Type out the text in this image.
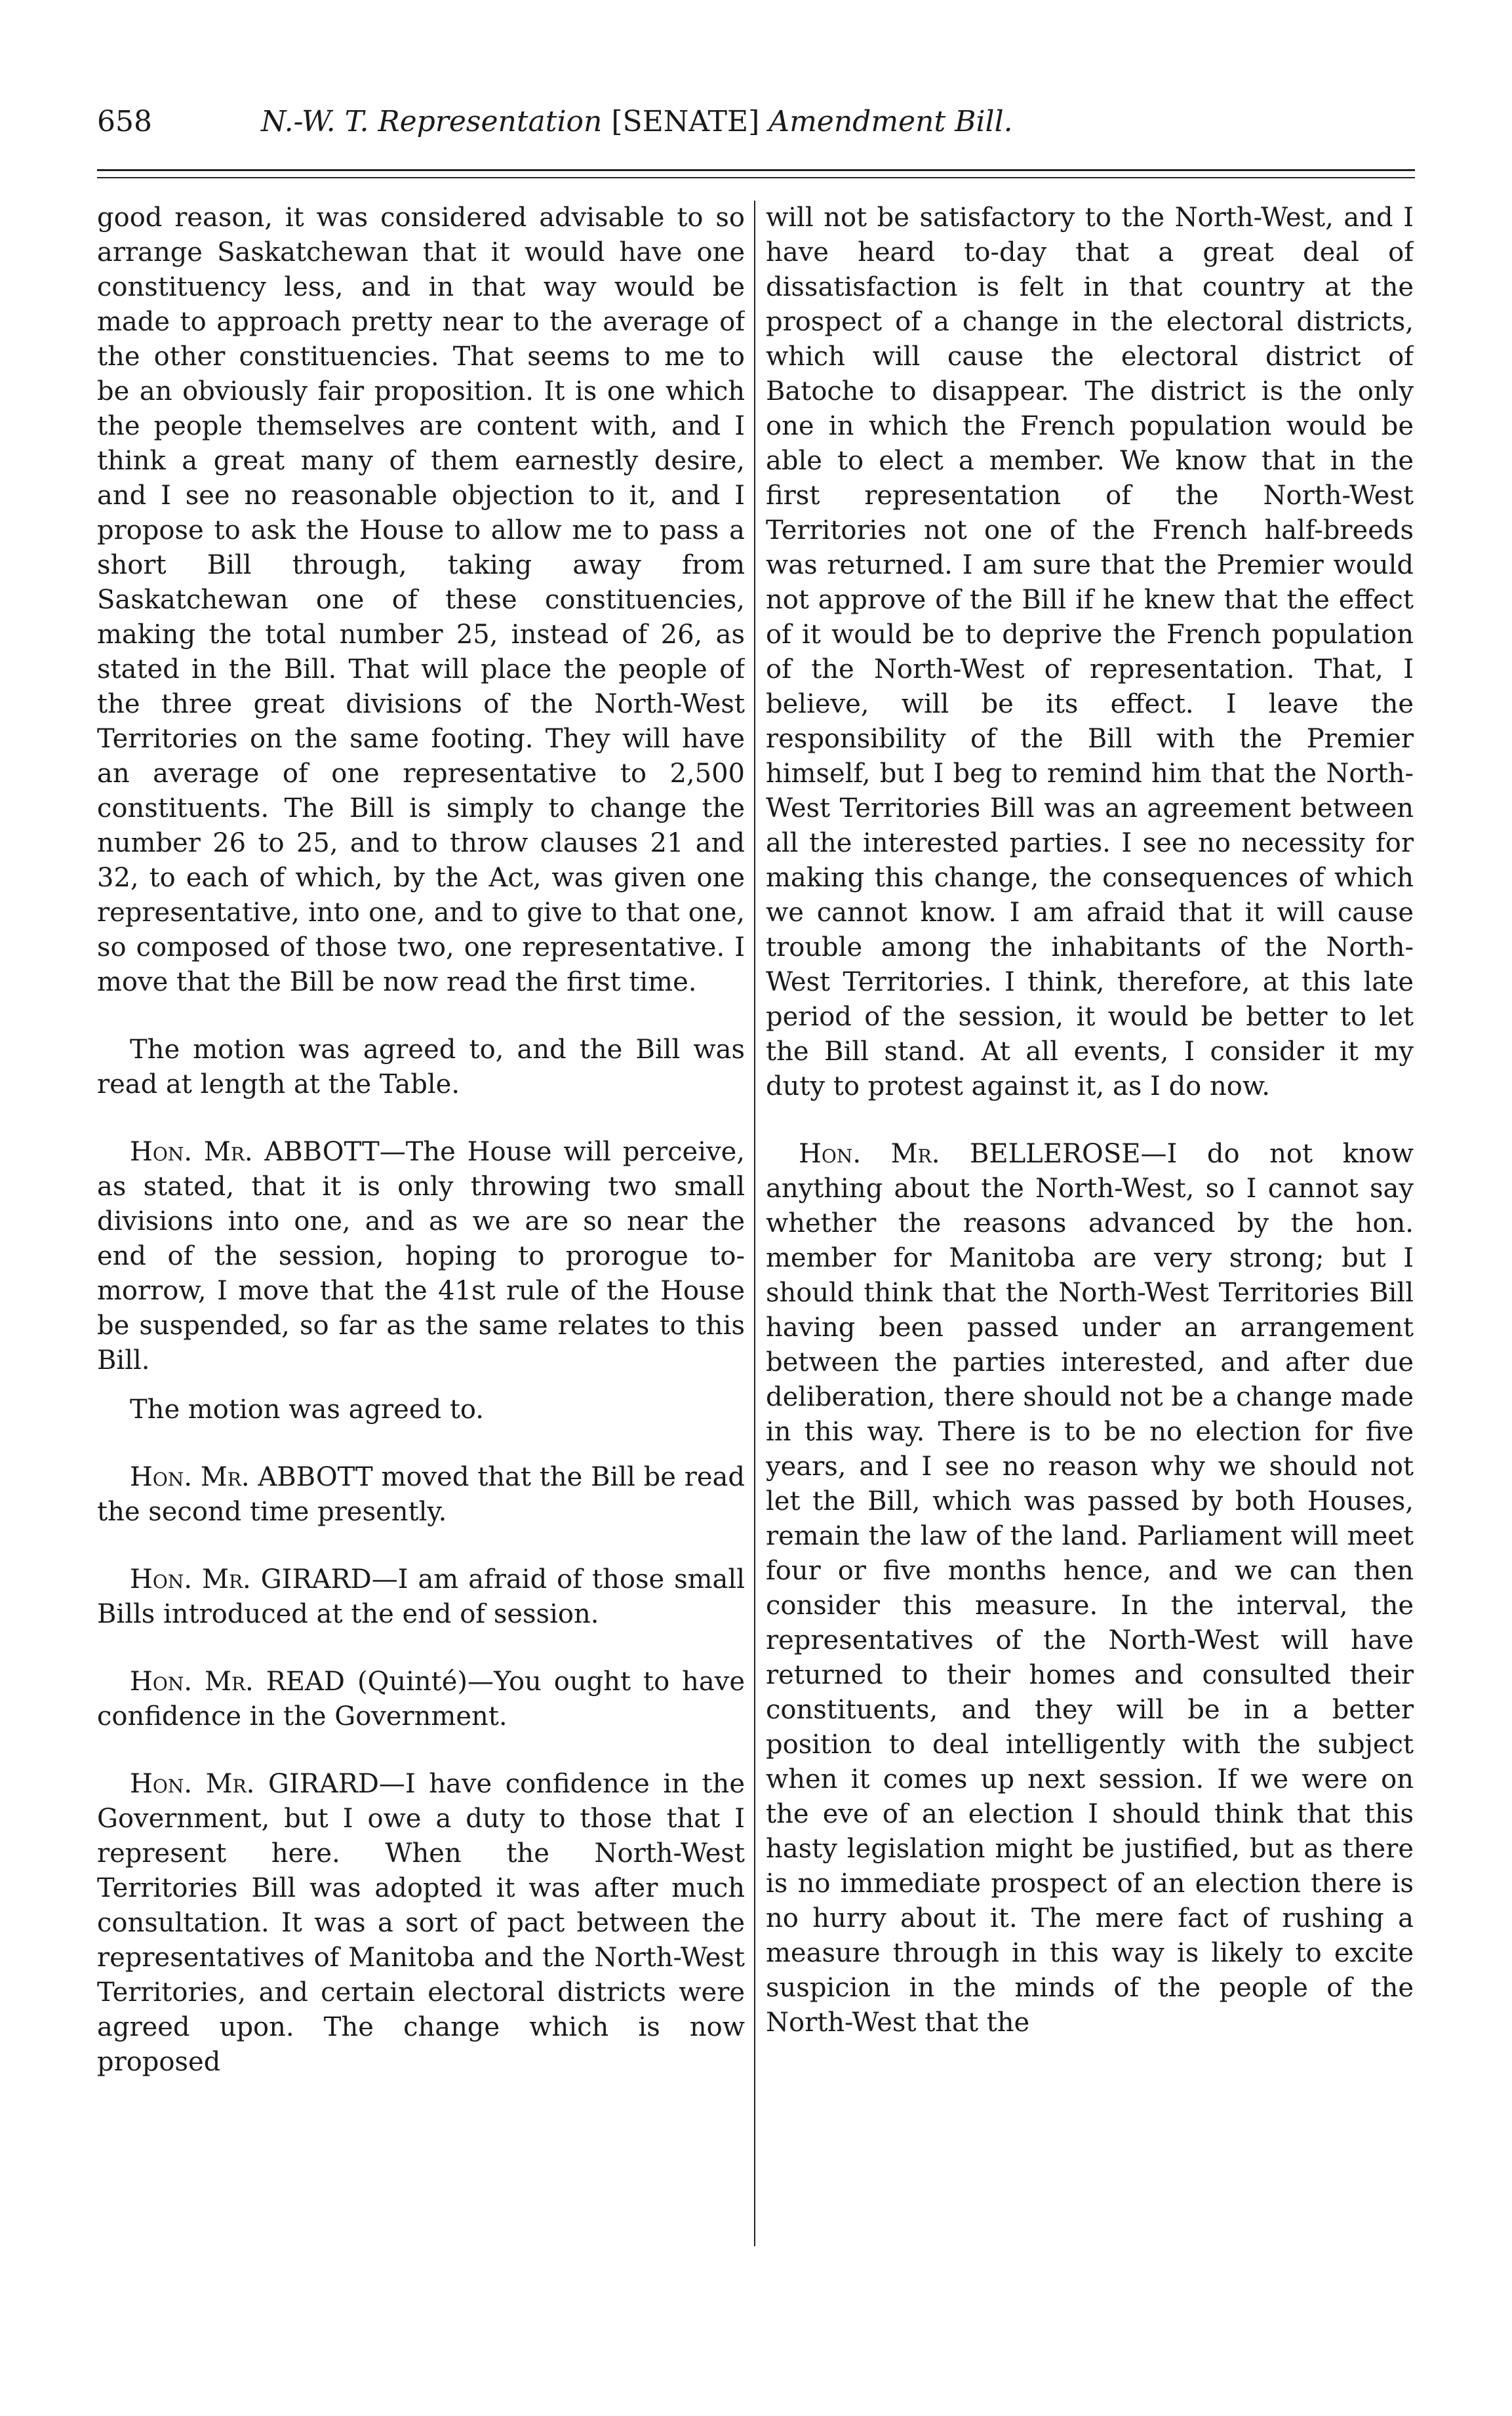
658	N.-W. T. Representation [SENATE] Amendment Bill.

good reason, it was considered advisable to so arrange Saskatchewan that it would have one constituency less, and in that way would be made to approach pretty near to the average of the other constituencies. That seems to me to be an obviously fair proposition. It is one which the people themselves are content with, and I think a great many of them earnestly desire, and I see no reasonable objection to it, and I propose to ask the House to allow me to pass a short Bill through, taking away from Saskatchewan one of these constituencies, making the total number 25, instead of 26, as stated in the Bill. That will place the people of the three great divisions of the North-West Territories on the same footing. They will have an average of one representative to 2,500 constituents. The Bill is simply to change the number 26 to 25, and to throw clauses 21 and 32, to each of which, by the Act, was given one representative, into one, and to give to that one, so composed of those two, one representative. I move that the Bill be now read the first time.

The motion was agreed to, and the Bill was read at length at the Table.

Hon. Mr. ABBOTT—The House will perceive, as stated, that it is only throwing two small divisions into one, and as we are so near the end of the session, hoping to prorogue to-morrow, I move that the 41st rule of the House be suspended, so far as the same relates to this Bill.

The motion was agreed to.

Hon. Mr. ABBOTT moved that the Bill be read the second time presently.

Hon. Mr. GIRARD—I am afraid of those small Bills introduced at the end of session.

Hon. Mr. READ (Quinté)—You ought to have confidence in the Government.

Hon. Mr. GIRARD—I have confidence in the Government, but I owe a duty to those that I represent here. When the North-West Territories Bill was adopted it was after much consultation. It was a sort of pact between the representatives of Manitoba and the North-West Territories, and certain electoral districts were agreed upon. The change which is now proposed

will not be satisfactory to the North-West, and I have heard to-day that a great deal of dissatisfaction is felt in that country at the prospect of a change in the electoral districts, which will cause the electoral district of Batoche to disappear. The district is the only one in which the French population would be able to elect a member. We know that in the first representation of the North-West Territories not one of the French half-breeds was returned. I am sure that the Premier would not approve of the Bill if he knew that the effect of it would be to deprive the French population of the North-West of representation. That, I believe, will be its effect. I leave the responsibility of the Bill with the Premier himself, but I beg to remind him that the North-West Territories Bill was an agreement between all the interested parties. I see no necessity for making this change, the consequences of which we cannot know. I am afraid that it will cause trouble among the inhabitants of the North-West Territories. I think, therefore, at this late period of the session, it would be better to let the Bill stand. At all events, I consider it my duty to protest against it, as I do now.

Hon. Mr. BELLEROSE—I do not know anything about the North-West, so I cannot say whether the reasons advanced by the hon. member for Manitoba are very strong; but I should think that the North-West Territories Bill having been passed under an arrangement between the parties interested, and after due deliberation, there should not be a change made in this way. There is to be no election for five years, and I see no reason why we should not let the Bill, which was passed by both Houses, remain the law of the land. Parliament will meet four or five months hence, and we can then consider this measure. In the interval, the representatives of the North-West will have returned to their homes and consulted their constituents, and they will be in a better position to deal intelligently with the subject when it comes up next session. If we were on the eve of an election I should think that this hasty legislation might be justified, but as there is no immediate prospect of an election there is no hurry about it. The mere fact of rushing a measure through in this way is likely to excite suspicion in the minds of the people of the North-West that the
